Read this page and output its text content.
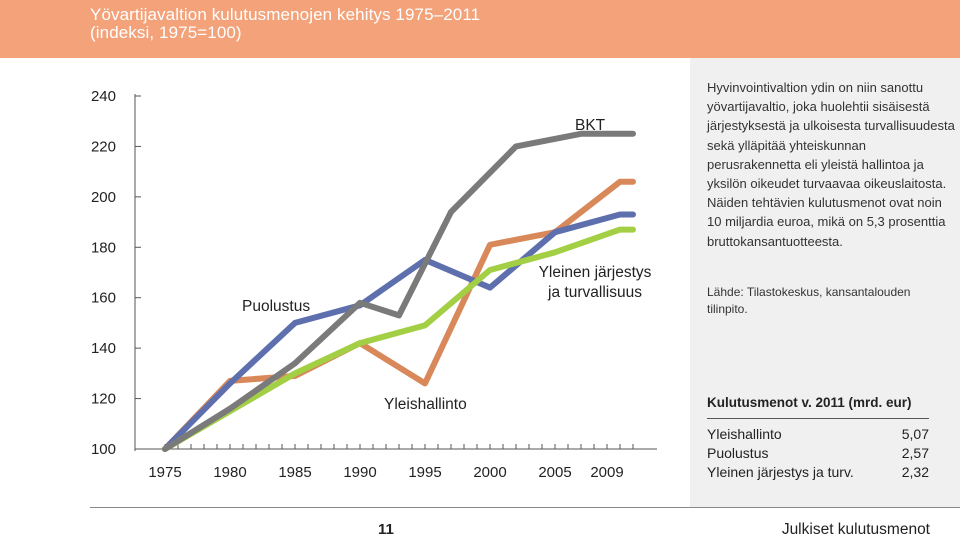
Yövartijavaltion kulutusmenojen kehitys 1975–2011
(indeksi, 1975=100)
100
120
140
160
180
200
220
240
1975 1980 1985 1990 1995 2000 2005 2009
BKT
Puolustus
Yleinen järjestys
ja turvallisuus
Yleishallinto
Hyvinvointivaltion ydin on niin sanottu yövartijavaltio, joka huolehtii sisäisestä järjestyksestä ja ulkoisesta turvallisuudesta sekä ylläpitää yhteiskunnan perusrakennetta eli yleistä hallintoa ja yksilön oikeudet turvaavaa oikeuslaitosta. Näiden tehtävien kulutusmenot ovat noin 10 miljardia euroa, mikä on 5,3 prosenttia bruttokansantuotteesta.
Lähde: Tilastokeskus, kansantalouden tilinpito.
Kulutusmenot v. 2011 (mrd. eur)
Yleishallinto	5,07
Puolustus	2,57
Yleinen järjestys ja turv.	2,32
11	Julkiset kulutusmenot
